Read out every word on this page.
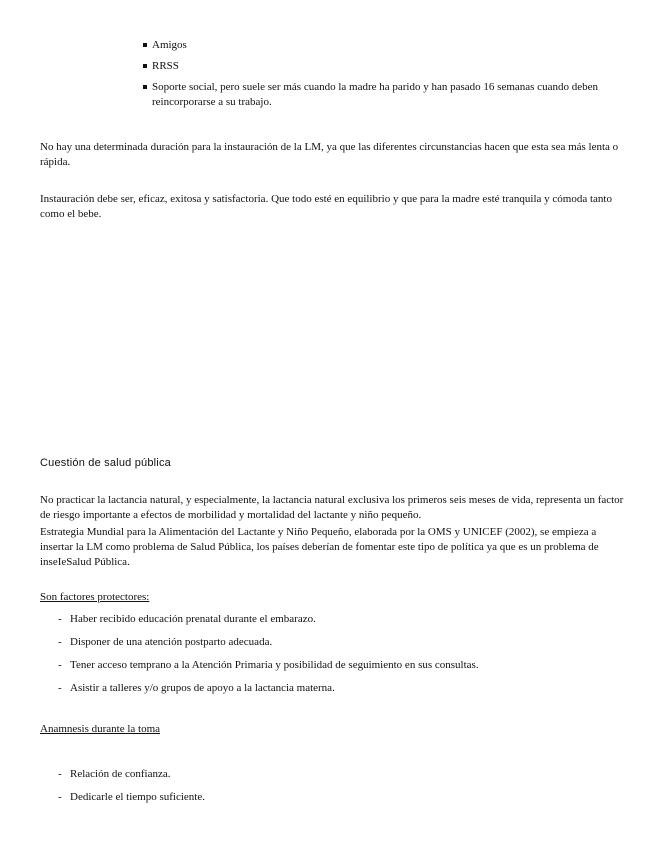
Amigos
RRSS
Soporte social, pero suele ser más cuando la madre ha parido y han pasado 16 semanas cuando deben reincorporarse a su trabajo.
No hay una determinada duración para la instauración de la LM, ya que las diferentes circunstancias hacen que esta sea más lenta o rápida.
Instauración debe ser, eficaz, exitosa y satisfactoria. Que todo esté en equilibrio y que para la madre esté tranquila y cómoda tanto como el bebe.
Cuestión de salud pública
No practicar la lactancia natural, y especialmente, la lactancia natural exclusiva los primeros seis meses de vida, representa un factor de riesgo importante a efectos de morbilidad y mortalidad del lactante y niño pequeño.
Estrategia Mundial para la Alimentación del Lactante y Niño Pequeño, elaborada por la OMS y UNICEF (2002), se empieza a insertar la LM como problema de Salud Pública, los países deberían de fomentar este tipo de política ya que es un problema de inseIeSalud Pública.
Son factores protectores:
- Haber recibido educación prenatal durante el embarazo.
- Disponer de una atención postparto adecuada.
- Tener acceso temprano a la Atención Primaria y posibilidad de seguimiento en sus consultas.
- Asistir a talleres y/o grupos de apoyo a la lactancia materna.
Anamnesis durante la toma
- Relación de confianza.
- Dedicarle el tiempo suficiente.
